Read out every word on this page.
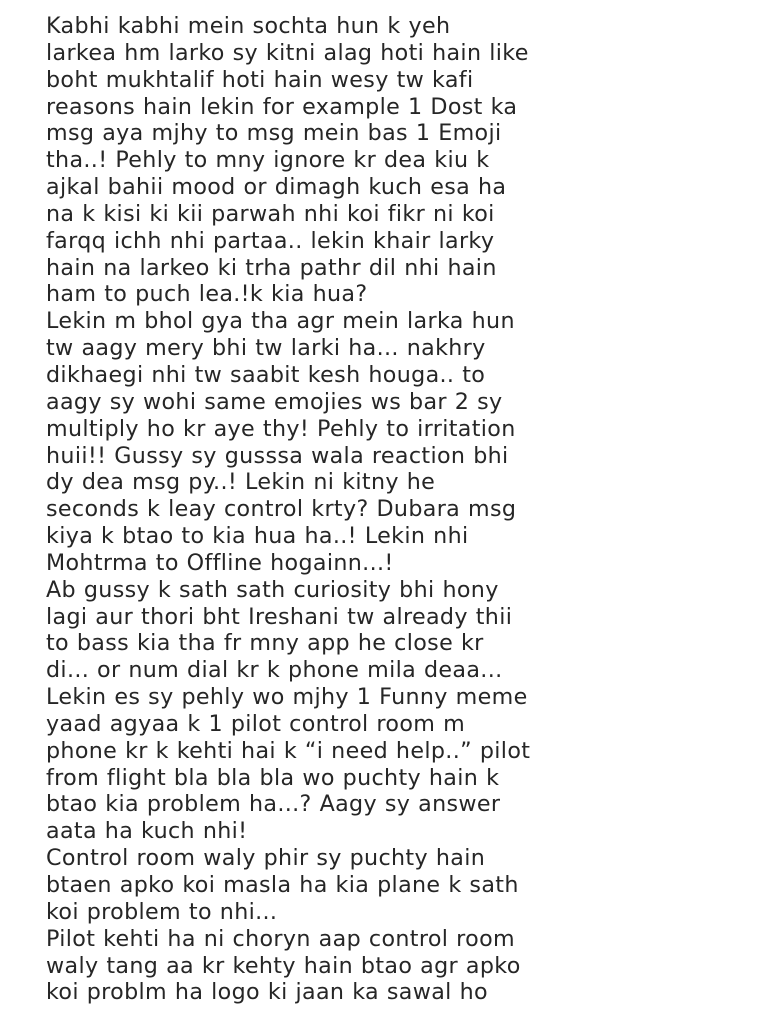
Kabhi kabhi mein sochta hun k yeh
larkea hm larko sy kitni alag hoti hain like
boht mukhtalif hoti hain wesy tw kafi
reasons hain lekin for example 1 Dost ka
msg aya mjhy to msg mein bas 1 Emoji
tha..! Pehly to mny ignore kr dea kiu k
ajkal bahii mood or dimagh kuch esa ha
na k kisi ki kii parwah nhi koi fikr ni koi
farqq ichh nhi partaa.. lekin khair larky
hain na larkeo ki trha pathr dil nhi hain
ham to puch lea.!k kia hua?
Lekin m bhol gya tha agr mein larka hun
tw aagy mery bhi tw larki ha... nakhry
dikhaegi nhi tw saabit kesh houga.. to
aagy sy wohi same emojies ws bar 2 sy
multiply ho kr aye thy! Pehly to irritation
huii!! Gussy sy gusssa wala reaction bhi
dy dea msg py..! Lekin ni kitny he
seconds k leay control krty? Dubara msg
kiya k btao to kia hua ha..! Lekin nhi
Mohtrma to Offline hogainn...!
Ab gussy k sath sath curiosity bhi hony
lagi aur thori bht Ireshani tw already thii
to bass kia tha fr mny app he close kr
di... or num dial kr k phone mila deaa...
Lekin es sy pehly wo mjhy 1 Funny meme
yaad agyaa k 1 pilot control room m
phone kr k kehti hai k “i need help..” pilot
from flight bla bla bla wo puchty hain k
btao kia problem ha...? Aagy sy answer
aata ha kuch nhi!
Control room waly phir sy puchty hain
btaen apko koi masla ha kia plane k sath
koi problem to nhi...
Pilot kehti ha ni choryn aap control room
waly tang aa kr kehty hain btao agr apko
koi problm ha logo ki jaan ka sawal ho
